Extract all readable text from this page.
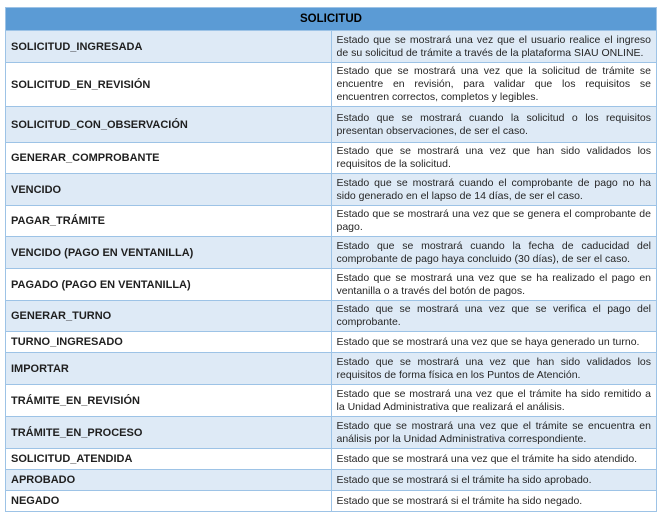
SOLICITUD	
SOLICITUD_INGRESADA	Estado que se mostrará una vez que el usuario realice el ingreso de su solicitud de trámite a través de la plataforma SIAU ONLINE.
SOLICITUD_EN_REVISIÓN	Estado que se mostrará una vez que la solicitud de trámite se encuentre en revisión, para validar que los requisitos se encuentren correctos, completos y legibles.
SOLICITUD_CON_OBSERVACIÓN	Estado que se mostrará cuando la solicitud o los requisitos presentan observaciones, de ser el caso.
GENERAR_COMPROBANTE	Estado que se mostrará una vez que han sido validados los requisitos de la solicitud.
VENCIDO	Estado que se mostrará cuando el comprobante de pago no ha sido generado en el lapso de 14 días, de ser el caso.
PAGAR_TRÁMITE	Estado que se mostrará una vez que se genera el comprobante de pago.
VENCIDO (PAGO EN VENTANILLA)	Estado que se mostrará cuando la fecha de caducidad del comprobante de pago haya concluido (30 días), de ser el caso.
PAGADO (PAGO EN VENTANILLA)	Estado que se mostrará una vez que se ha realizado el pago en ventanilla o a través del botón de pagos.
GENERAR_TURNO	Estado que se mostrará una vez que se verifica el pago del comprobante.
TURNO_INGRESADO	Estado que se mostrará una vez que se haya generado un turno.
IMPORTAR	Estado que se mostrará una vez que han sido validados los requisitos de forma física en los Puntos de Atención.
TRÁMITE_EN_REVISIÓN	Estado que se mostrará una vez que el trámite ha sido remitido a la Unidad Administrativa que realizará el análisis.
TRÁMITE_EN_PROCESO	Estado que se mostrará una vez que el trámite se encuentra en análisis por la Unidad Administrativa correspondiente.
SOLICITUD_ATENDIDA	Estado que se mostrará una vez que el trámite ha sido atendido.
APROBADO	Estado que se mostrará si el trámite ha sido aprobado.
NEGADO	Estado que se mostrará si el trámite ha sido negado.
